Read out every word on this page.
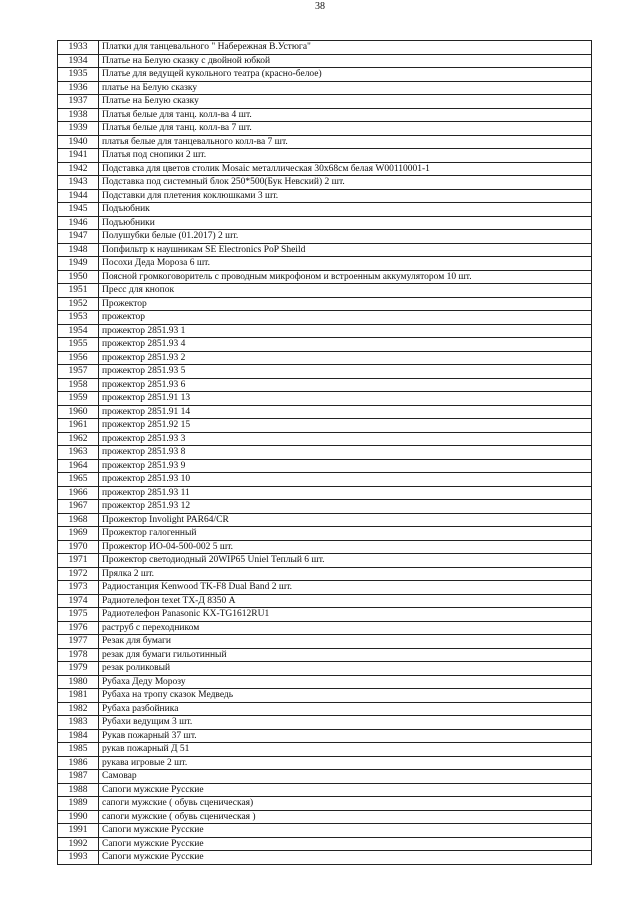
38
1933	Платки для танцевального " Набережная В.Устюга"
1934	Платье на Белую сказку с двойной юбкой
1935	Платье для ведущей кукольного театра (красно-белое)
1936	платье на Белую сказку
1937	Платье на Белую сказку
1938	Платья белые для танц. колл-ва 4 шт.
1939	Платья белые для танц. колл-ва 7 шт.
1940	платья белые для танцевального колл-ва 7 шт.
1941	Платья под снопики 2 шт.
1942	Подставка для цветов столик Mosaic металлическая 30x68см белая W00110001-1
1943	Подставка под системный блок 250*500(Бук Невский) 2 шт.
1944	Подставки для плетения коклюшками 3 шт.
1945	Подъюбник
1946	Подъюбники
1947	Полушубки белые (01.2017) 2 шт.
1948	Попфильтр к наушникам SE Electronics PoP Sheild
1949	Посохи Деда Мороза 6 шт.
1950	Поясной громкоговоритель с проводным микрофоном и встроенным аккумулятором 10 шт.
1951	Пресс для кнопок
1952	Прожектор
1953	прожектор
1954	прожектор 2851.93 1
1955	прожектор 2851.93 4
1956	прожектор 2851.93 2
1957	прожектор 2851.93 5
1958	прожектор 2851.93 6
1959	прожектор 2851.91 13
1960	прожектор 2851.91 14
1961	прожектор 2851.92 15
1962	прожектор 2851.93 3
1963	прожектор 2851.93 8
1964	прожектор 2851.93 9
1965	прожектор 2851.93 10
1966	прожектор 2851.93 11
1967	прожектор 2851.93 12
1968	Прожектор Involight PAR64/CR
1969	Прожектор галогенный
1970	Прожектор ИО-04-500-002 5 шт.
1971	Прожектор светодиодный 20WIP65 Uniel Теплый 6 шт.
1972	Прялка 2 шт.
1973	Радиостанция Kenwood TK-F8 Dual Band 2 шт.
1974	Радиотелефон texet TX-Д 8350 A
1975	Радиотелефон Panasonic KX-TG1612RU1
1976	раструб с переходником
1977	Резак для бумаги
1978	резак для бумаги гильотинный
1979	резак роликовый
1980	Рубаха Деду Морозу
1981	Рубаха на тропу сказок Медведь
1982	Рубаха разбойника
1983	Рубахи ведущим 3 шт.
1984	Рукав пожарный 37 шт.
1985	рукав пожарный Д 51
1986	рукава игровые 2 шт.
1987	Самовар
1988	Сапоги мужские Русские
1989	сапоги мужские ( обувь сценическая)
1990	сапоги мужские ( обувь сценическая )
1991	Сапоги мужские Русские
1992	Сапоги мужские Русские
1993	Сапоги мужские Русские
